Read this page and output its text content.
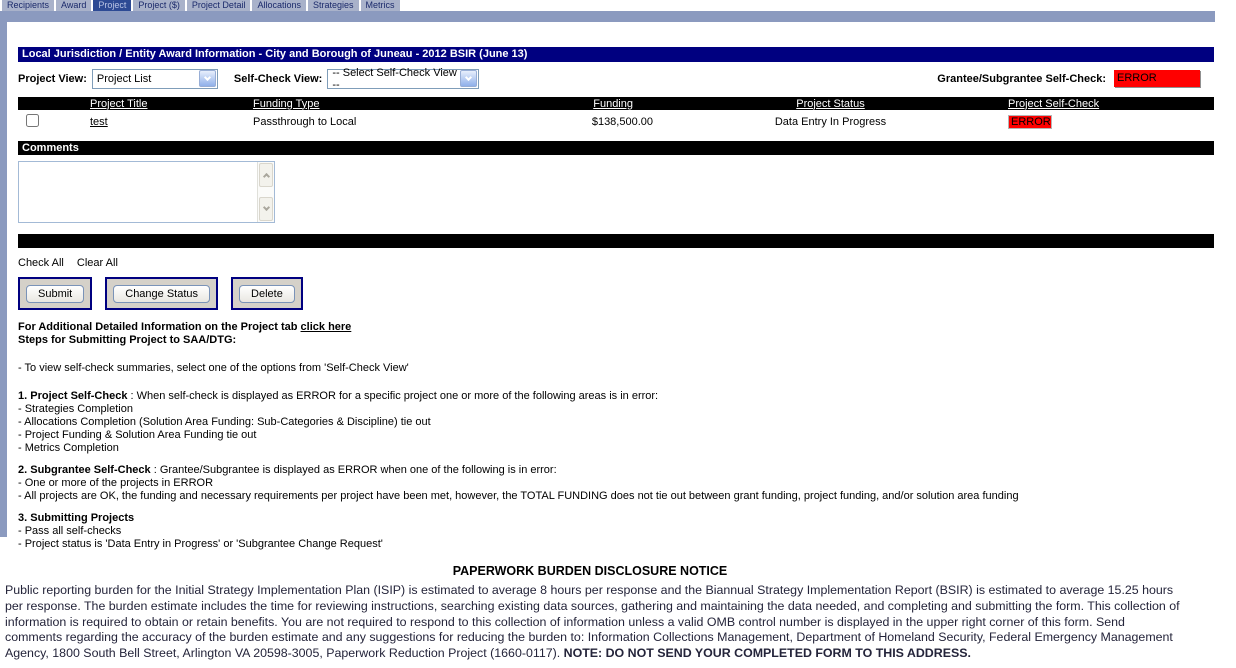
Recipients	Award	Project	Project ($)	Project Detail	Allocations	Strategies	Metrics
Local Jurisdiction / Entity Award Information - City and Borough of Juneau - 2012 BSIR (June 13)
Project View: Project List	Self-Check View: -- Select Self-Check View --	Grantee/Subgrantee Self-Check: ERROR
Project Title	Funding Type	Funding	Project Status	Project Self-Check
test	Passthrough to Local	$138,500.00	Data Entry In Progress	ERROR
Comments
Check All Clear All
Submit	Change Status	Delete
For Additional Detailed Information on the Project tab click here
Steps for Submitting Project to SAA/DTG:
- To view self-check summaries, select one of the options from 'Self-Check View'
1. Project Self-Check : When self-check is displayed as ERROR for a specific project one or more of the following areas is in error:
- Strategies Completion
- Allocations Completion (Solution Area Funding: Sub-Categories & Discipline) tie out
- Project Funding & Solution Area Funding tie out
- Metrics Completion
2. Subgrantee Self-Check : Grantee/Subgrantee is displayed as ERROR when one of the following is in error:
- One or more of the projects in ERROR
- All projects are OK, the funding and necessary requirements per project have been met, however, the TOTAL FUNDING does not tie out between grant funding, project funding, and/or solution area funding
3. Submitting Projects
- Pass all self-checks
- Project status is 'Data Entry in Progress' or 'Subgrantee Change Request'
PAPERWORK BURDEN DISCLOSURE NOTICE
Public reporting burden for the Initial Strategy Implementation Plan (ISIP) is estimated to average 8 hours per response and the Biannual Strategy Implementation Report (BSIR) is estimated to average 15.25 hours per response. The burden estimate includes the time for reviewing instructions, searching existing data sources, gathering and maintaining the data needed, and completing and submitting the form. This collection of information is required to obtain or retain benefits. You are not required to respond to this collection of information unless a valid OMB control number is displayed in the upper right corner of this form. Send comments regarding the accuracy of the burden estimate and any suggestions for reducing the burden to: Information Collections Management, Department of Homeland Security, Federal Emergency Management Agency, 1800 South Bell Street, Arlington VA 20598-3005, Paperwork Reduction Project (1660-0117). NOTE: DO NOT SEND YOUR COMPLETED FORM TO THIS ADDRESS.
